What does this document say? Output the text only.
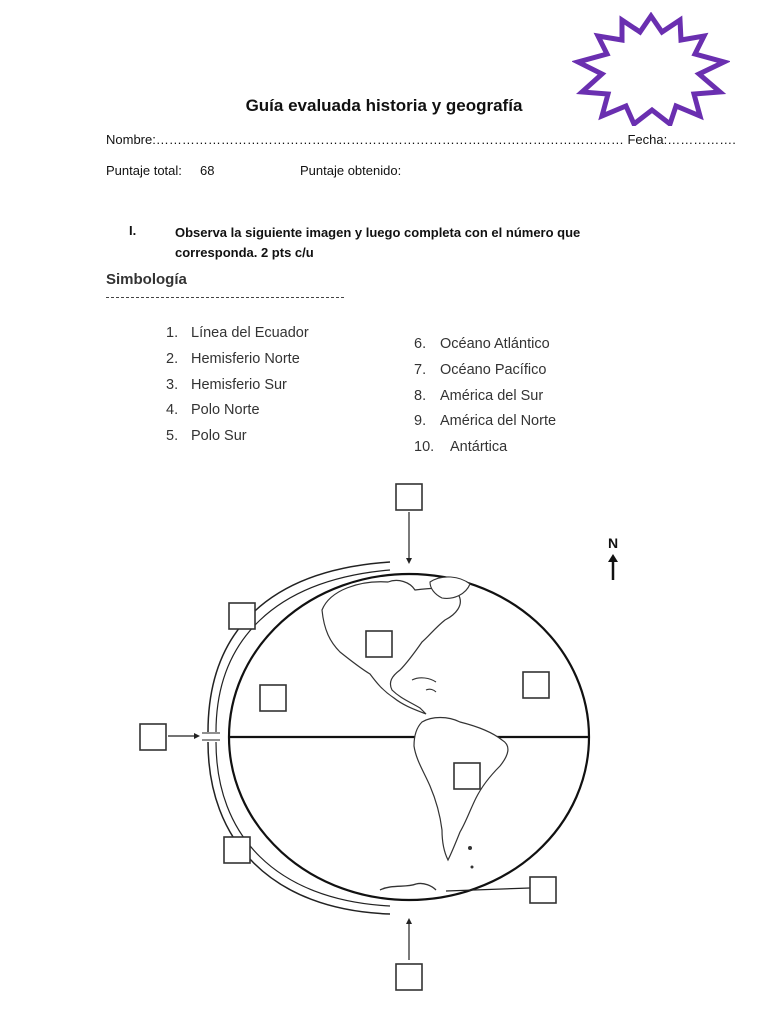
Guía evaluada historia y geografía
Nombre:……………………………………………………………………………………………… Fecha:…………….
Puntaje total: 68	Puntaje obtenido:
I.	Observa la siguiente imagen y luego completa con el número que corresponda. 2 pts c/u
Simbología
1. Línea del Ecuador
2. Hemisferio Norte
3. Hemisferio Sur
4. Polo Norte
5. Polo Sur
6. Océano Atlántico
7. Océano Pacífico
8. América del Sur
9. América del Norte
10. Antártica
N
